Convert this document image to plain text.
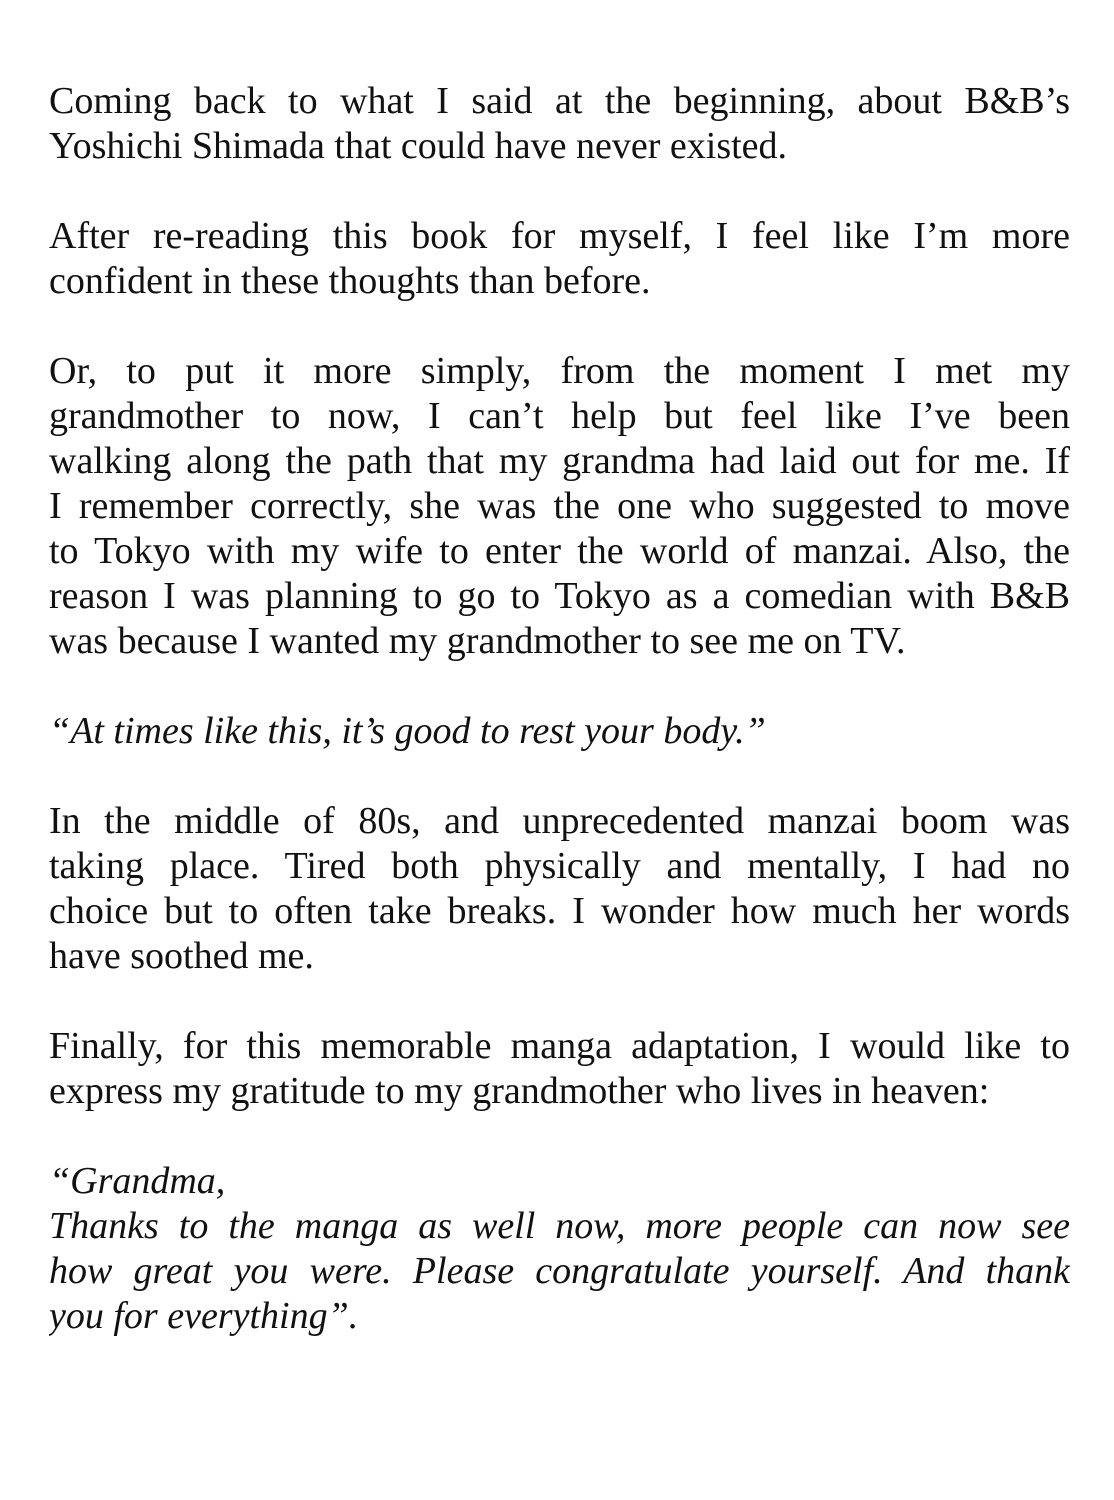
Coming back to what I said at the beginning, about B&B’s
Yoshichi Shimada that could have never existed.
After re-reading this book for myself, I feel like I’m more
confident in these thoughts than before.
Or, to put it more simply, from the moment I met my
grandmother to now, I can’t help but feel like I’ve been
walking along the path that my grandma had laid out for me. If
I remember correctly, she was the one who suggested to move
to Tokyo with my wife to enter the world of manzai. Also, the
reason I was planning to go to Tokyo as a comedian with B&B
was because I wanted my grandmother to see me on TV.
“At times like this, it’s good to rest your body.”
In the middle of 80s, and unprecedented manzai boom was
taking place. Tired both physically and mentally, I had no
choice but to often take breaks. I wonder how much her words
have soothed me.
Finally, for this memorable manga adaptation, I would like to
express my gratitude to my grandmother who lives in heaven:
“Grandma,
Thanks to the manga as well now, more people can now see
how great you were. Please congratulate yourself. And thank
you for everything”.
